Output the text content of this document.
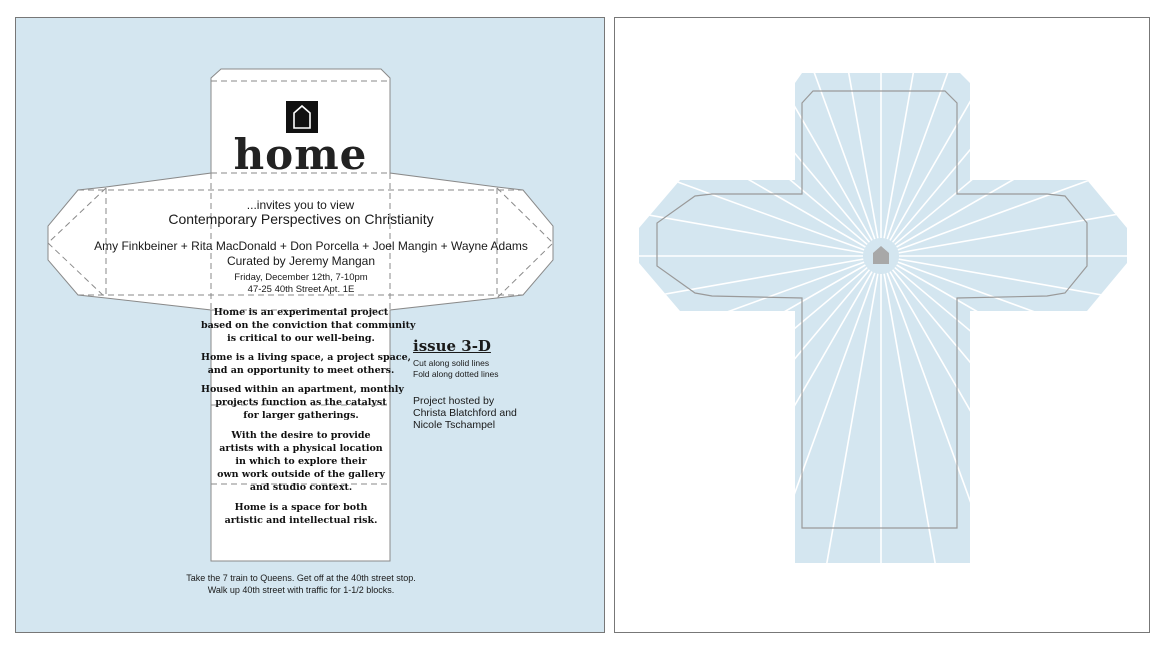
home
...invites you to view
Contemporary Perspectives on Christianity
Amy Finkbeiner + Rita MacDonald + Don Porcella + Joel Mangin + Wayne Adams
Curated by Jeremy Mangan
Friday, December 12th, 7-10pm
47-25 40th Street Apt. 1E
Home is an experimental project
based on the conviction that community
is critical to our well-being.
Home is a living space, a project space,
and an opportunity to meet others.
Housed within an apartment, monthly
projects function as the catalyst
for larger gatherings.
With the desire to provide
artists with a physical location
in which to explore their
own work outside of the gallery
and studio context.
Home is a space for both
artistic and intellectual risk.
issue 3-D
Cut along solid lines
Fold along dotted lines
Project hosted by
Christa Blatchford and
Nicole Tschampel
Take the 7 train to Queens. Get off at the 40th street stop.
Walk up 40th street with traffic for 1-1/2 blocks.
